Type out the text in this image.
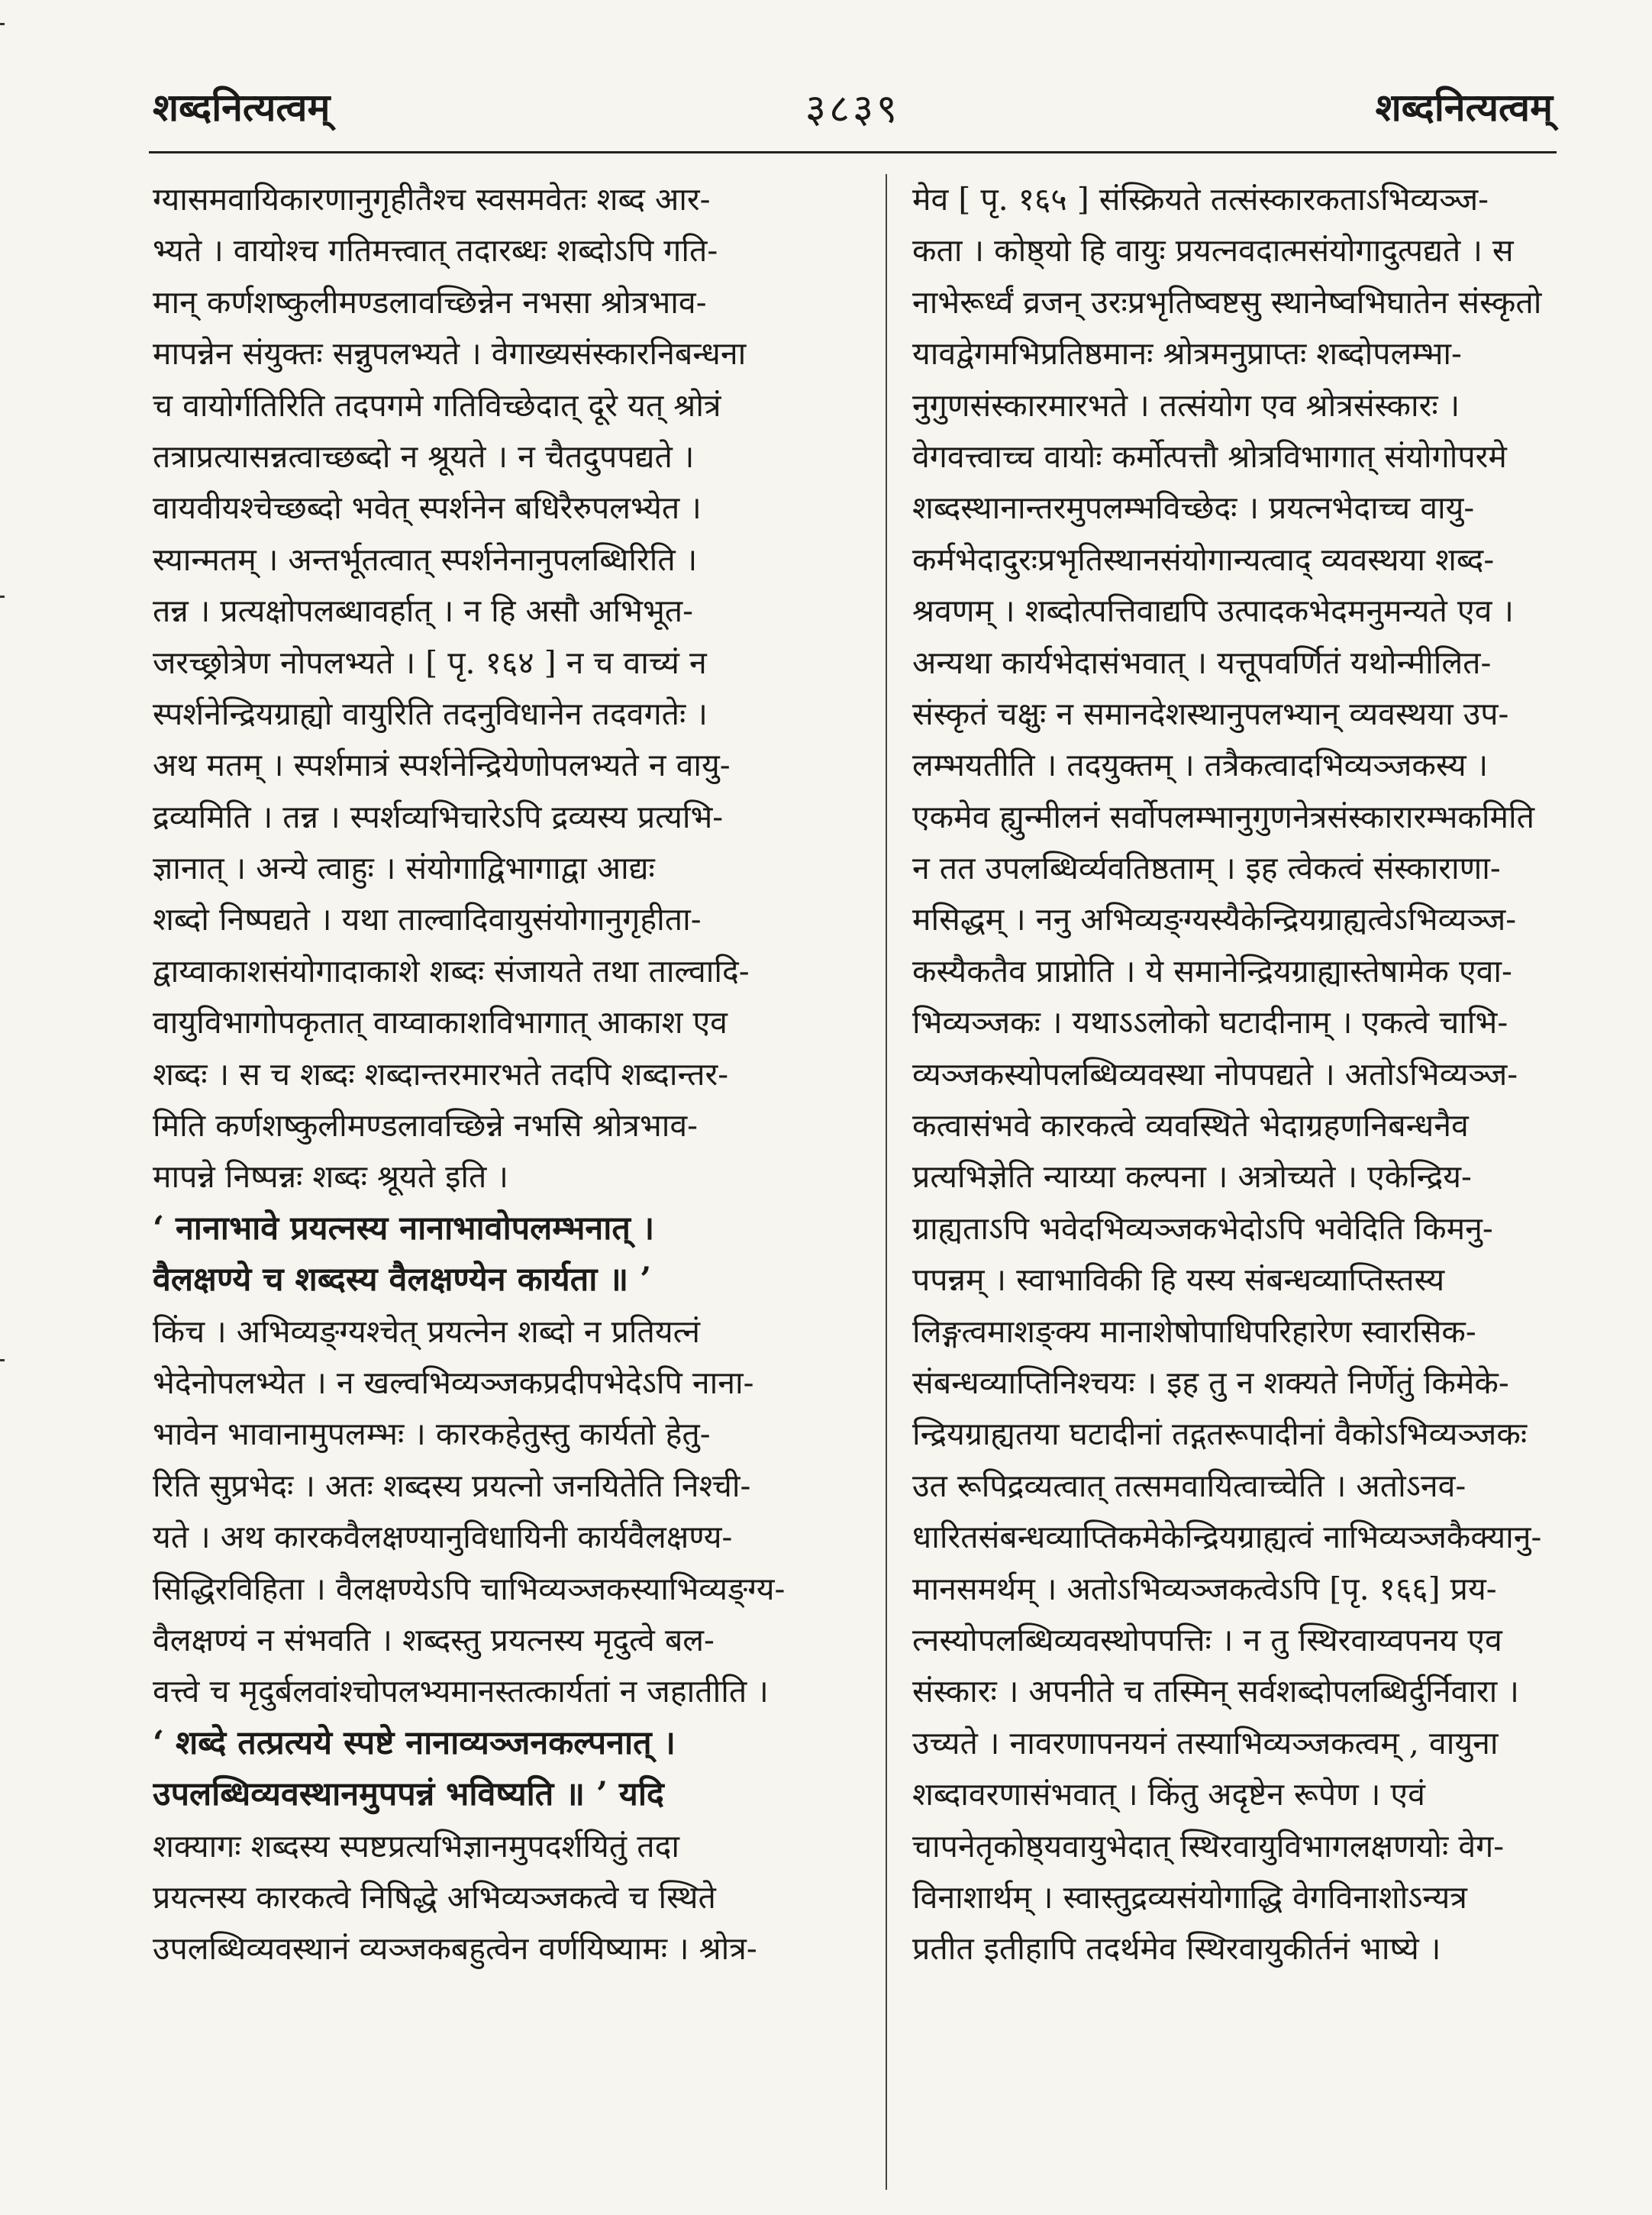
शब्दनित्यत्वम्	३८३९	शब्दनित्यत्वम्
ग्यासमवायिकारणानुगृहीतैश्च स्वसमवेतः शब्द आर-
भ्यते । वायोश्च गतिमत्त्वात् तदारब्धः शब्दोऽपि गति-
मान् कर्णशष्कुलीमण्डलावच्छिन्नेन नभसा श्रोत्रभाव-
मापन्नेन संयुक्तः सन्नुपलभ्यते । वेगाख्यसंस्कारनिबन्धना
च वायोर्गतिरिति तदपगमे गतिविच्छेदात् दूरे यत् श्रोत्रं
तत्राप्रत्यासन्नत्वाच्छब्दो न श्रूयते । न चैतदुपपद्यते ।
वायवीयश्चेच्छब्दो भवेत् स्पर्शनेन बधिरैरुपलभ्येत ।
स्यान्मतम् । अन्तर्भूतत्वात् स्पर्शनेनानुपलब्धिरिति ।
तन्न । प्रत्यक्षोपलब्धावर्हात् । न हि असौ अभिभूत-
जरच्छ्रोत्रेण नोपलभ्यते । [ पृ. १६४ ] न च वाच्यं न
स्पर्शनेन्द्रियग्राह्यो वायुरिति तदनुविधानेन तदवगतेः ।
अथ मतम् । स्पर्शमात्रं स्पर्शनेन्द्रियेणोपलभ्यते न वायु-
द्रव्यमिति । तन्न । स्पर्शव्यभिचारेऽपि द्रव्यस्य प्रत्यभि-
ज्ञानात् । अन्ये त्वाहुः । संयोगाद्विभागाद्वा आद्यः
शब्दो निष्पद्यते । यथा ताल्वादिवायुसंयोगानुगृहीता-
द्वाय्वाकाशसंयोगादाकाशे शब्दः संजायते तथा ताल्वादि-
वायुविभागोपकृतात् वाय्वाकाशविभागात् आकाश एव
शब्दः । स च शब्दः शब्दान्तरमारभते तदपि शब्दान्तर-
मिति कर्णशष्कुलीमण्डलावच्छिन्ने नभसि श्रोत्रभाव-
मापन्ने निष्पन्नः शब्दः श्रूयते इति ।
‘ नानाभावे प्रयत्नस्य नानाभावोपलम्भनात् ।
वैलक्षण्ये च शब्दस्य वैलक्षण्येन कार्यता ॥ ’
किंच । अभिव्यङ्ग्यश्चेत् प्रयत्नेन शब्दो न प्रतियत्नं
भेदेनोपलभ्येत । न खल्वभिव्यञ्जकप्रदीपभेदेऽपि नाना-
भावेन भावानामुपलम्भः । कारकहेतुस्तु कार्यतो हेतु-
रिति सुप्रभेदः । अतः शब्दस्य प्रयत्नो जनयितेति निश्ची-
यते । अथ कारकवैलक्षण्यानुविधायिनी कार्यवैलक्षण्य-
सिद्धिरविहिता । वैलक्षण्येऽपि चाभिव्यञ्जकस्याभिव्यङ्ग्य-
वैलक्षण्यं न संभवति । शब्दस्तु प्रयत्नस्य मृदुत्वे बल-
वत्त्वे च मृदुर्बलवांश्चोपलभ्यमानस्तत्कार्यतां न जहातीति ।
‘ शब्दे तत्प्रत्यये स्पष्टे नानाव्यञ्जनकल्पनात् ।
उपलब्धिव्यवस्थानमुपपन्नं भविष्यति ॥ ’ यदि
शक्यागः शब्दस्य स्पष्टप्रत्यभिज्ञानमुपदर्शयितुं तदा
प्रयत्नस्य कारकत्वे निषिद्धे अभिव्यञ्जकत्वे च स्थिते
उपलब्धिव्यवस्थानं व्यञ्जकबहुत्वेन वर्णयिष्यामः । श्रोत्र-
मेव [ पृ. १६५ ] संस्क्रियते तत्संस्कारकताऽभिव्यञ्ज-
कता । कोष्ठ्यो हि वायुः प्रयत्नवदात्मसंयोगादुत्पद्यते । स
नाभेरूर्ध्वं व्रजन् उरःप्रभृतिष्वष्टसु स्थानेष्वभिघातेन संस्कृतो
यावद्वेगमभिप्रतिष्ठमानः श्रोत्रमनुप्राप्तः शब्दोपलम्भा-
नुगुणसंस्कारमारभते । तत्संयोग एव श्रोत्रसंस्कारः ।
वेगवत्त्वाच्च वायोः कर्मोत्पत्तौ श्रोत्रविभागात् संयोगोपरमे
शब्दस्थानान्तरमुपलम्भविच्छेदः । प्रयत्नभेदाच्च वायु-
कर्मभेदादुरःप्रभृतिस्थानसंयोगान्यत्वाद् व्यवस्थया शब्द-
श्रवणम् । शब्दोत्पत्तिवाद्यपि उत्पादकभेदमनुमन्यते एव ।
अन्यथा कार्यभेदासंभवात् । यत्तूपवर्णितं यथोन्मीलित-
संस्कृतं चक्षुः न समानदेशस्थानुपलभ्यान् व्यवस्थया उप-
लम्भयतीति । तदयुक्तम् । तत्रैकत्वादभिव्यञ्जकस्य ।
एकमेव ह्युन्मीलनं सर्वोपलम्भानुगुणनेत्रसंस्कारारम्भकमिति
न तत उपलब्धिर्व्यवतिष्ठताम् । इह त्वेकत्वं संस्काराणा-
मसिद्धम् । ननु अभिव्यङ्ग्यस्यैकेन्द्रियग्राह्यत्वेऽभिव्यञ्ज-
कस्यैकतैव प्राप्नोति । ये समानेन्द्रियग्राह्यास्तेषामेक एवा-
भिव्यञ्जकः । यथाऽऽलोको घटादीनाम् । एकत्वे चाभि-
व्यञ्जकस्योपलब्धिव्यवस्था नोपपद्यते । अतोऽभिव्यञ्ज-
कत्वासंभवे कारकत्वे व्यवस्थिते भेदाग्रहणनिबन्धनैव
प्रत्यभिज्ञेति न्याय्या कल्पना । अत्रोच्यते । एकेन्द्रिय-
ग्राह्यताऽपि भवेदभिव्यञ्जकभेदोऽपि भवेदिति किमनु-
पपन्नम् । स्वाभाविकी हि यस्य संबन्धव्याप्तिस्तस्य
लिङ्गत्वमाशङ्क्य मानाशेषोपाधिपरिहारेण स्वारसिक-
संबन्धव्याप्तिनिश्चयः । इह तु न शक्यते निर्णेतुं किमेके-
न्द्रियग्राह्यतया घटादीनां तद्गतरूपादीनां वैकोऽभिव्यञ्जकः
उत रूपिद्रव्यत्वात् तत्समवायित्वाच्चेति । अतोऽनव-
धारितसंबन्धव्याप्तिकमेकेन्द्रियग्राह्यत्वं नाभिव्यञ्जकैक्यानु-
मानसमर्थम् । अतोऽभिव्यञ्जकत्वेऽपि [पृ. १६६] प्रय-
त्नस्योपलब्धिव्यवस्थोपपत्तिः । न तु स्थिरवाय्वपनय एव
संस्कारः । अपनीते च तस्मिन् सर्वशब्दोपलब्धिर्दुर्निवारा ।
उच्यते । नावरणापनयनं तस्याभिव्यञ्जकत्वम् , वायुना
शब्दावरणासंभवात् । किंतु अदृष्टेन रूपेण । एवं
चापनेतृकोष्ठ्यवायुभेदात् स्थिरवायुविभागलक्षणयोः वेग-
विनाशार्थम् । स्वास्तुद्रव्यसंयोगाद्धि वेगविनाशोऽन्यत्र
प्रतीत इतीहापि तदर्थमेव स्थिरवायुकीर्तनं भाष्ये ।
